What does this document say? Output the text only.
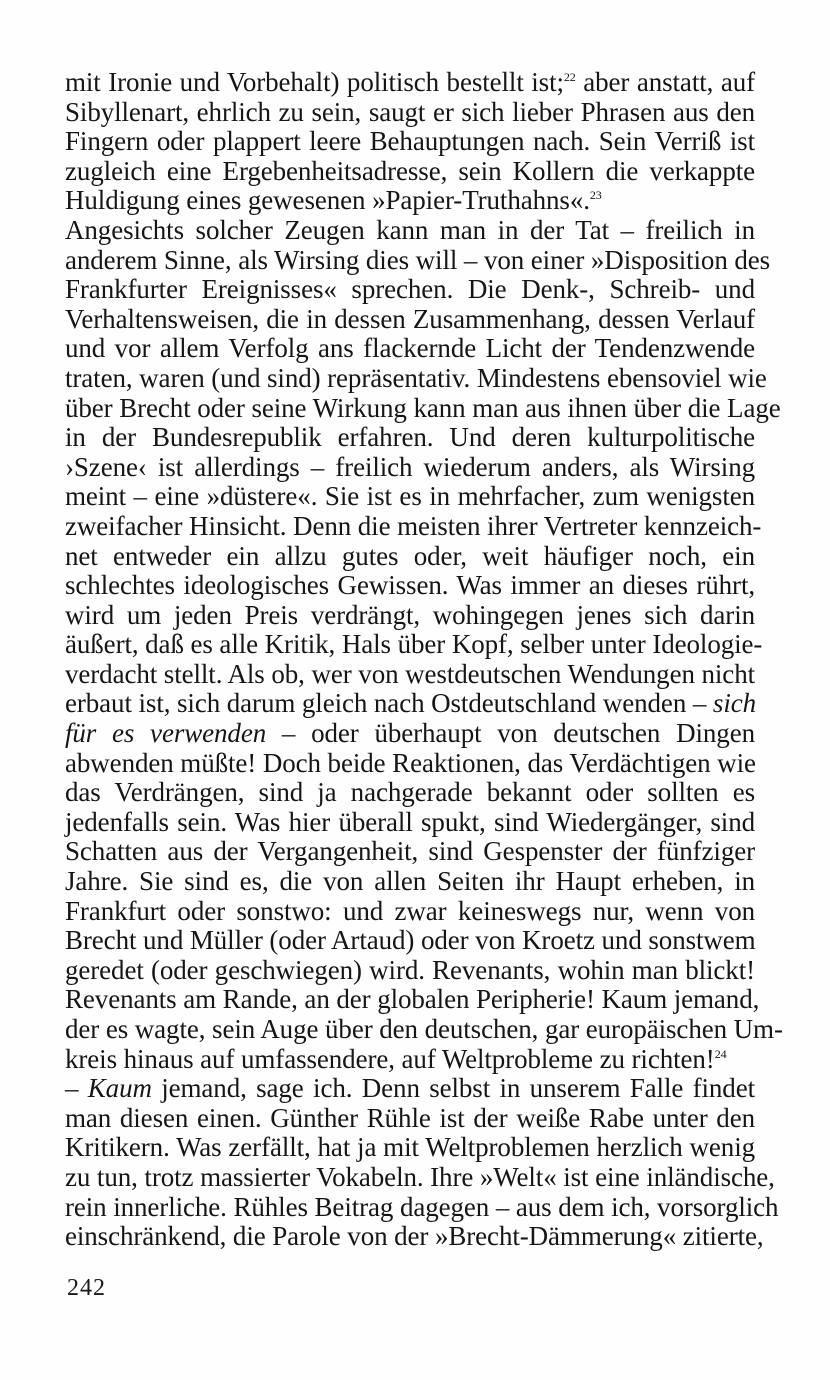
mit Ironie und Vorbehalt) politisch bestellt ist;$^{22}$ aber anstatt, auf
Sibyllenart, ehrlich zu sein, saugt er sich lieber Phrasen aus den
Fingern oder plappert leere Behauptungen nach. Sein Verriß ist
zugleich eine Ergebenheitsadresse, sein Kollern die verkappte
Huldigung eines gewesenen »Papier-Truthahns«.$^{23}$
Angesichts solcher Zeugen kann man in der Tat – freilich in
anderem Sinne, als Wirsing dies will – von einer »Disposition des
Frankfurter Ereignisses« sprechen. Die Denk-, Schreib- und
Verhaltensweisen, die in dessen Zusammenhang, dessen Verlauf
und vor allem Verfolg ans flackernde Licht der Tendenzwende
traten, waren (und sind) repräsentativ. Mindestens ebensoviel wie
über Brecht oder seine Wirkung kann man aus ihnen über die Lage
in der Bundesrepublik erfahren. Und deren kulturpolitische
›Szene‹ ist allerdings – freilich wiederum anders, als Wirsing
meint – eine »düstere«. Sie ist es in mehrfacher, zum wenigsten
zweifacher Hinsicht. Denn die meisten ihrer Vertreter kennzeich-
net entweder ein allzu gutes oder, weit häufiger noch, ein
schlechtes ideologisches Gewissen. Was immer an dieses rührt,
wird um jeden Preis verdrängt, wohingegen jenes sich darin
äußert, daß es alle Kritik, Hals über Kopf, selber unter Ideologie-
verdacht stellt. Als ob, wer von westdeutschen Wendungen nicht
erbaut ist, sich darum gleich nach Ostdeutschland wenden – sich
für es verwenden – oder überhaupt von deutschen Dingen
abwenden müßte! Doch beide Reaktionen, das Verdächtigen wie
das Verdrängen, sind ja nachgerade bekannt oder sollten es
jedenfalls sein. Was hier überall spukt, sind Wiedergänger, sind
Schatten aus der Vergangenheit, sind Gespenster der fünfziger
Jahre. Sie sind es, die von allen Seiten ihr Haupt erheben, in
Frankfurt oder sonstwo: und zwar keineswegs nur, wenn von
Brecht und Müller (oder Artaud) oder von Kroetz und sonstwem
geredet (oder geschwiegen) wird. Revenants, wohin man blickt!
Revenants am Rande, an der globalen Peripherie! Kaum jemand,
der es wagte, sein Auge über den deutschen, gar europäischen Um-
kreis hinaus auf umfassendere, auf Weltprobleme zu richten!$^{24}$
– Kaum jemand, sage ich. Denn selbst in unserem Falle findet
man diesen einen. Günther Rühle ist der weiße Rabe unter den
Kritikern. Was zerfällt, hat ja mit Weltproblemen herzlich wenig
zu tun, trotz massierter Vokabeln. Ihre »Welt« ist eine inländische,
rein innerliche. Rühles Beitrag dagegen – aus dem ich, vorsorglich
einschränkend, die Parole von der »Brecht-Dämmerung« zitierte,
242
